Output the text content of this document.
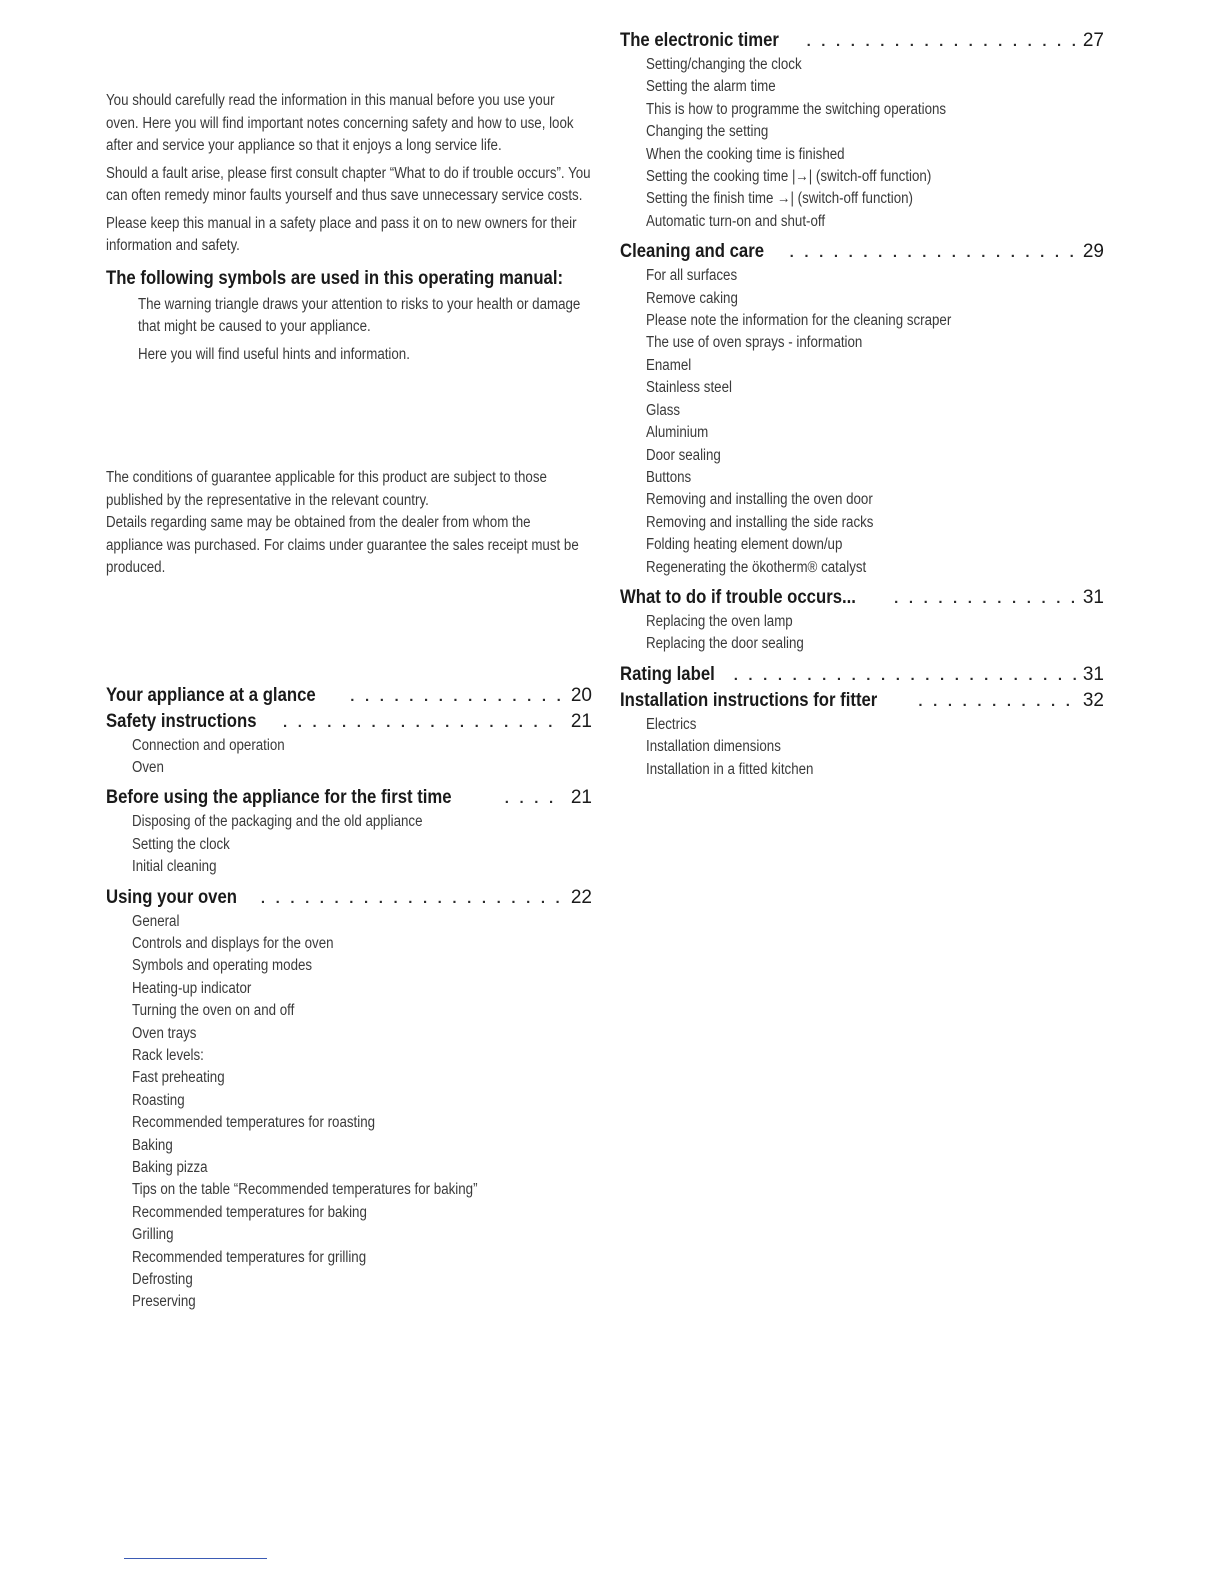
You should carefully read the information in this manual before you use your oven. Here you will find important notes concerning safety and how to use, look after and service your appliance so that it enjoys a long service life.

Should a fault arise, please first consult chapter “What to do if trouble occurs”. You can often remedy minor faults yourself and thus save unnecessary service costs.

Please keep this manual in a safety place and pass it on to new owners for their information and safety.

The following symbols are used in this operating manual:

The warning triangle draws your attention to risks to your health or damage that might be caused to your appliance.

Here you will find useful hints and information.

The conditions of guarantee applicable for this product are subject to those published by the representative in the relevant country.

Details regarding same may be obtained from the dealer from whom the appliance was purchased. For claims under guarantee the sales receipt must be produced.

Your appliance at a glance . . .	20
Safety instructions . . .	21
Connection and operation
Oven
Before using the appliance for the first time . . .	21
Disposing of the packaging and the old appliance
Setting the clock
Initial cleaning
Using your oven . . .	22
General
Controls and displays for the oven
Symbols and operating modes
Heating-up indicator
Turning the oven on and off
Oven trays
Rack levels:
Fast preheating
Roasting
Recommended temperatures for roasting
Baking
Baking pizza
Tips on the table “Recommended temperatures for baking”
Recommended temperatures for baking
Grilling
Recommended temperatures for grilling
Defrosting
Preserving
The electronic timer . . .	27
Setting/changing the clock
Setting the alarm time
This is how to programme the switching operations
Changing the setting
When the cooking time is finished
Setting the cooking time |→| (switch-off function)
Setting the finish time →| (switch-off function)
Automatic turn-on and shut-off
Cleaning and care . . .	29
For all surfaces
Remove caking
Please note the information for the cleaning scraper
The use of oven sprays - information
Enamel
Stainless steel
Glass
Aluminium
Door sealing
Buttons
Removing and installing the oven door
Removing and installing the side racks
Folding heating element down/up
Regenerating the ökotherm® catalyst
What to do if trouble occurs... . . .	31
Replacing the oven lamp
Replacing the door sealing
Rating label . . .	31
Installation instructions for fitter . . .	32
Electrics
Installation dimensions
Installation in a fitted kitchen
